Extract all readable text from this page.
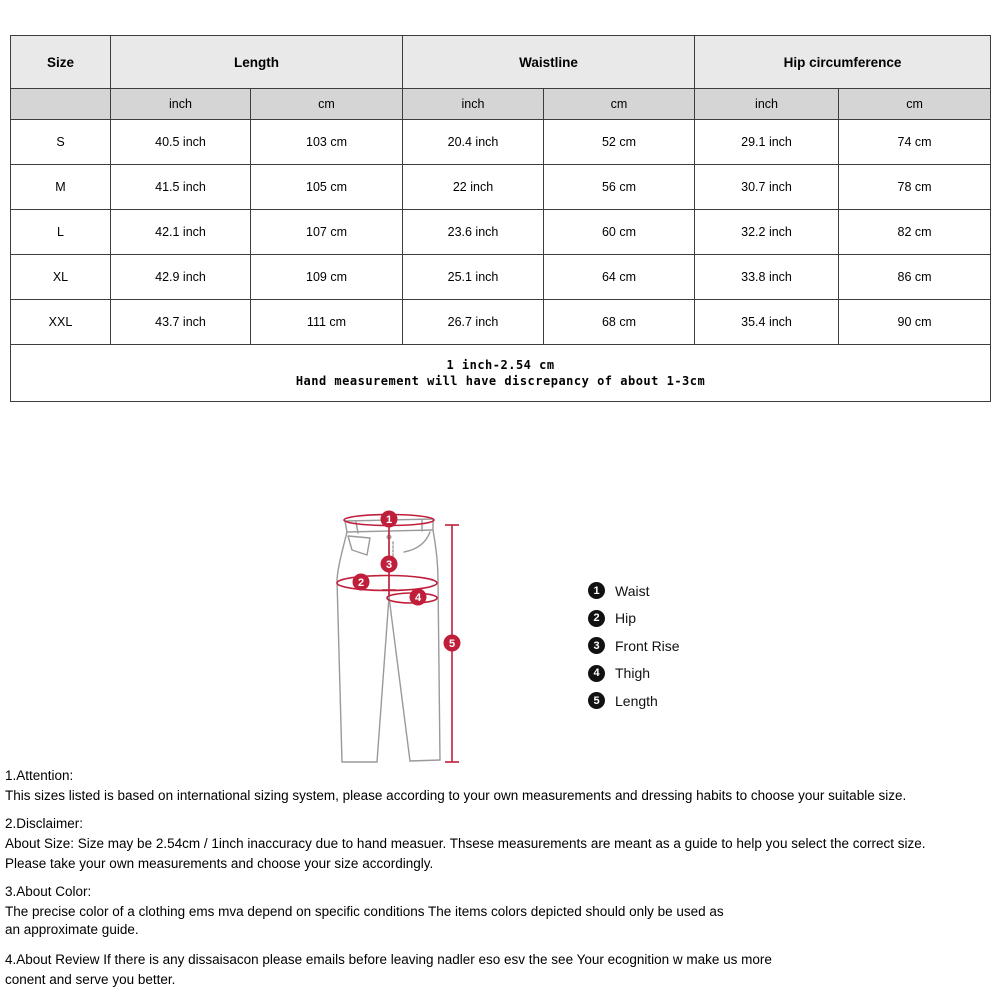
Size	Length		Waistline		Hip circumference	
	inch	cm	inch	cm	inch	cm
S	40.5 inch	103 cm	20.4 inch	52 cm	29.1 inch	74 cm
M	41.5 inch	105 cm	22 inch	56 cm	30.7 inch	78 cm
L	42.1 inch	107 cm	23.6 inch	60 cm	32.2 inch	82 cm
XL	42.9 inch	109 cm	25.1 inch	64 cm	33.8 inch	86 cm
XXL	43.7 inch	111 cm	26.7 inch	68 cm	35.4 inch	90 cm

1 inch-2.54 cm
Hand measurement will have discrepancy of about 1-3cm						
1
2
3
4
5
1	Waist
2	Hip
3	Front Rise
4	Thigh
5	Length
1.Attention:
This sizes listed is based on international sizing system, please according to your own measurements and dressing habits to choose your suitable size.
2.Disclaimer:
About Size: Size may be 2.54cm / 1inch inaccuracy due to hand measuer. Thsese measurements are meant as a guide to help you select the correct size.
Please take your own measurements and choose your size accordingly.
3.About Color:
The precise color of a clothing ems mva depend on specific conditions The items colors depicted should only be used as
an approximate guide.
4.About Review If there is any dissaisacon please emails before leaving nadler eso esv the see Your ecognition w make us more
conent and serve you better.
